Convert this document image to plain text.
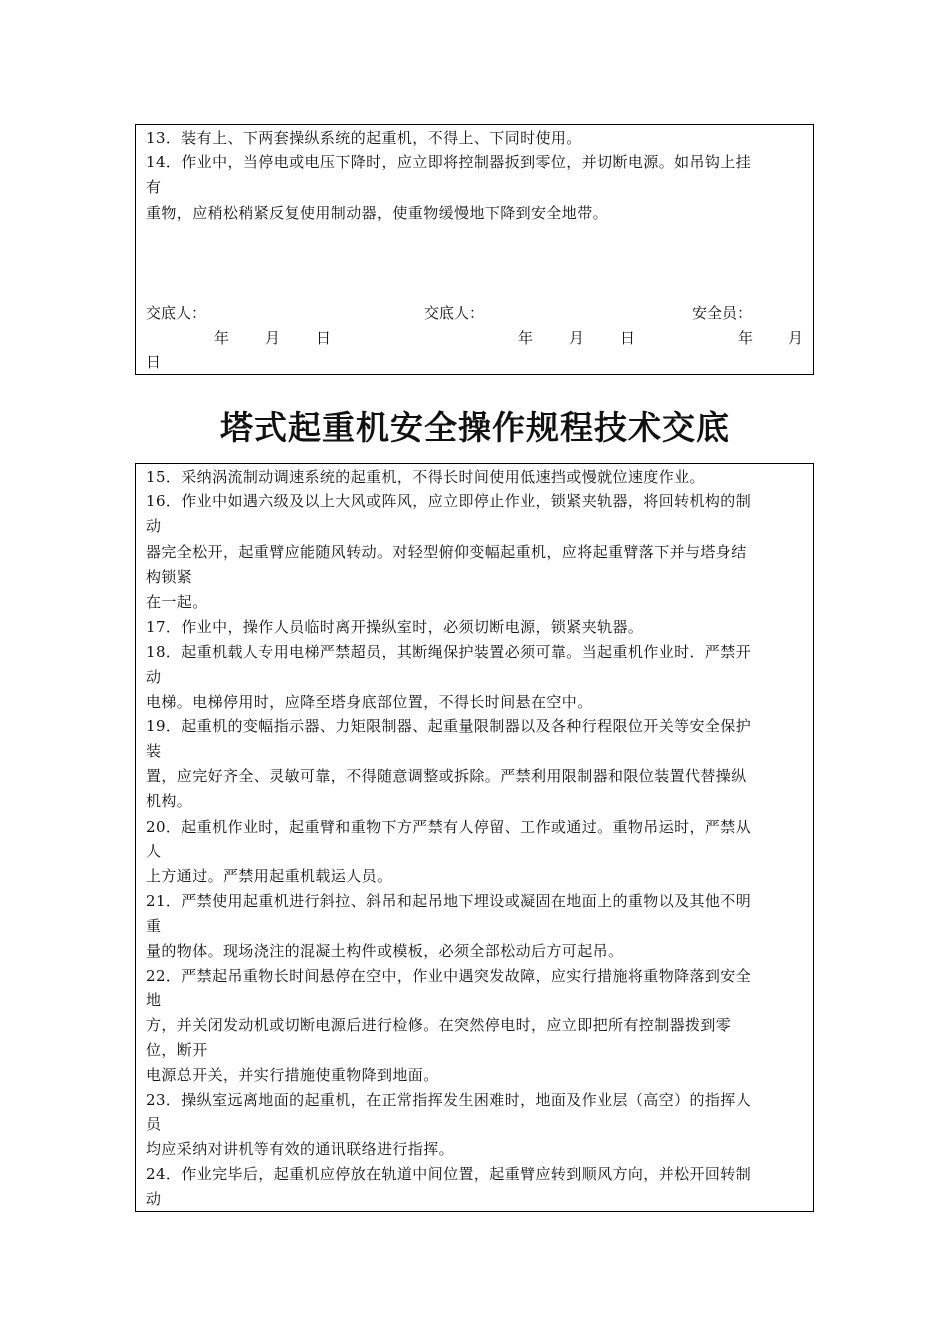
13．装有上、下两套操纵系统的起重机，不得上、下同时使用。
14．作业中，当停电或电压下降时，应立即将控制器扳到零位，并切断电源。如吊钩上挂
有
重物，应稍松稍紧反复使用制动器，使重物缓慢地下降到安全地带。
交底人：	交底人：	安全员：
年 月 日	年 月 日	年 月
日
塔式起重机安全操作规程技术交底
15．采纳涡流制动调速系统的起重机，不得长时间使用低速挡或慢就位速度作业。
16．作业中如遇六级及以上大风或阵风，应立即停止作业，锁紧夹轨器，将回转机构的制
动
器完全松开，起重臂应能随风转动。对轻型俯仰变幅起重机，应将起重臂落下并与塔身结
构锁紧
在一起。
17．作业中，操作人员临时离开操纵室时，必须切断电源，锁紧夹轨器。
18．起重机载人专用电梯严禁超员，其断绳保护装置必须可靠。当起重机作业时．严禁开
动
电梯。电梯停用时，应降至塔身底部位置，不得长时间悬在空中。
19．起重机的变幅指示器、力矩限制器、起重量限制器以及各种行程限位开关等安全保护
装
置，应完好齐全、灵敏可靠，不得随意调整或拆除。严禁利用限制器和限位装置代替操纵
机构。
20．起重机作业时，起重臂和重物下方严禁有人停留、工作或通过。重物吊运时，严禁从
人
上方通过。严禁用起重机载运人员。
21．严禁使用起重机进行斜拉、斜吊和起吊地下埋设或凝固在地面上的重物以及其他不明
重
量的物体。现场浇注的混凝土构件或模板，必须全部松动后方可起吊。
22．严禁起吊重物长时间悬停在空中，作业中遇突发故障，应实行措施将重物降落到安全
地
方，并关闭发动机或切断电源后进行检修。在突然停电时，应立即把所有控制器拨到零
位，断开
电源总开关，并实行措施使重物降到地面。
23．操纵室远离地面的起重机，在正常指挥发生困难时，地面及作业层（高空）的指挥人
员
均应采纳对讲机等有效的通讯联络进行指挥。
24．作业完毕后，起重机应停放在轨道中间位置，起重臂应转到顺风方向，并松开回转制
动
